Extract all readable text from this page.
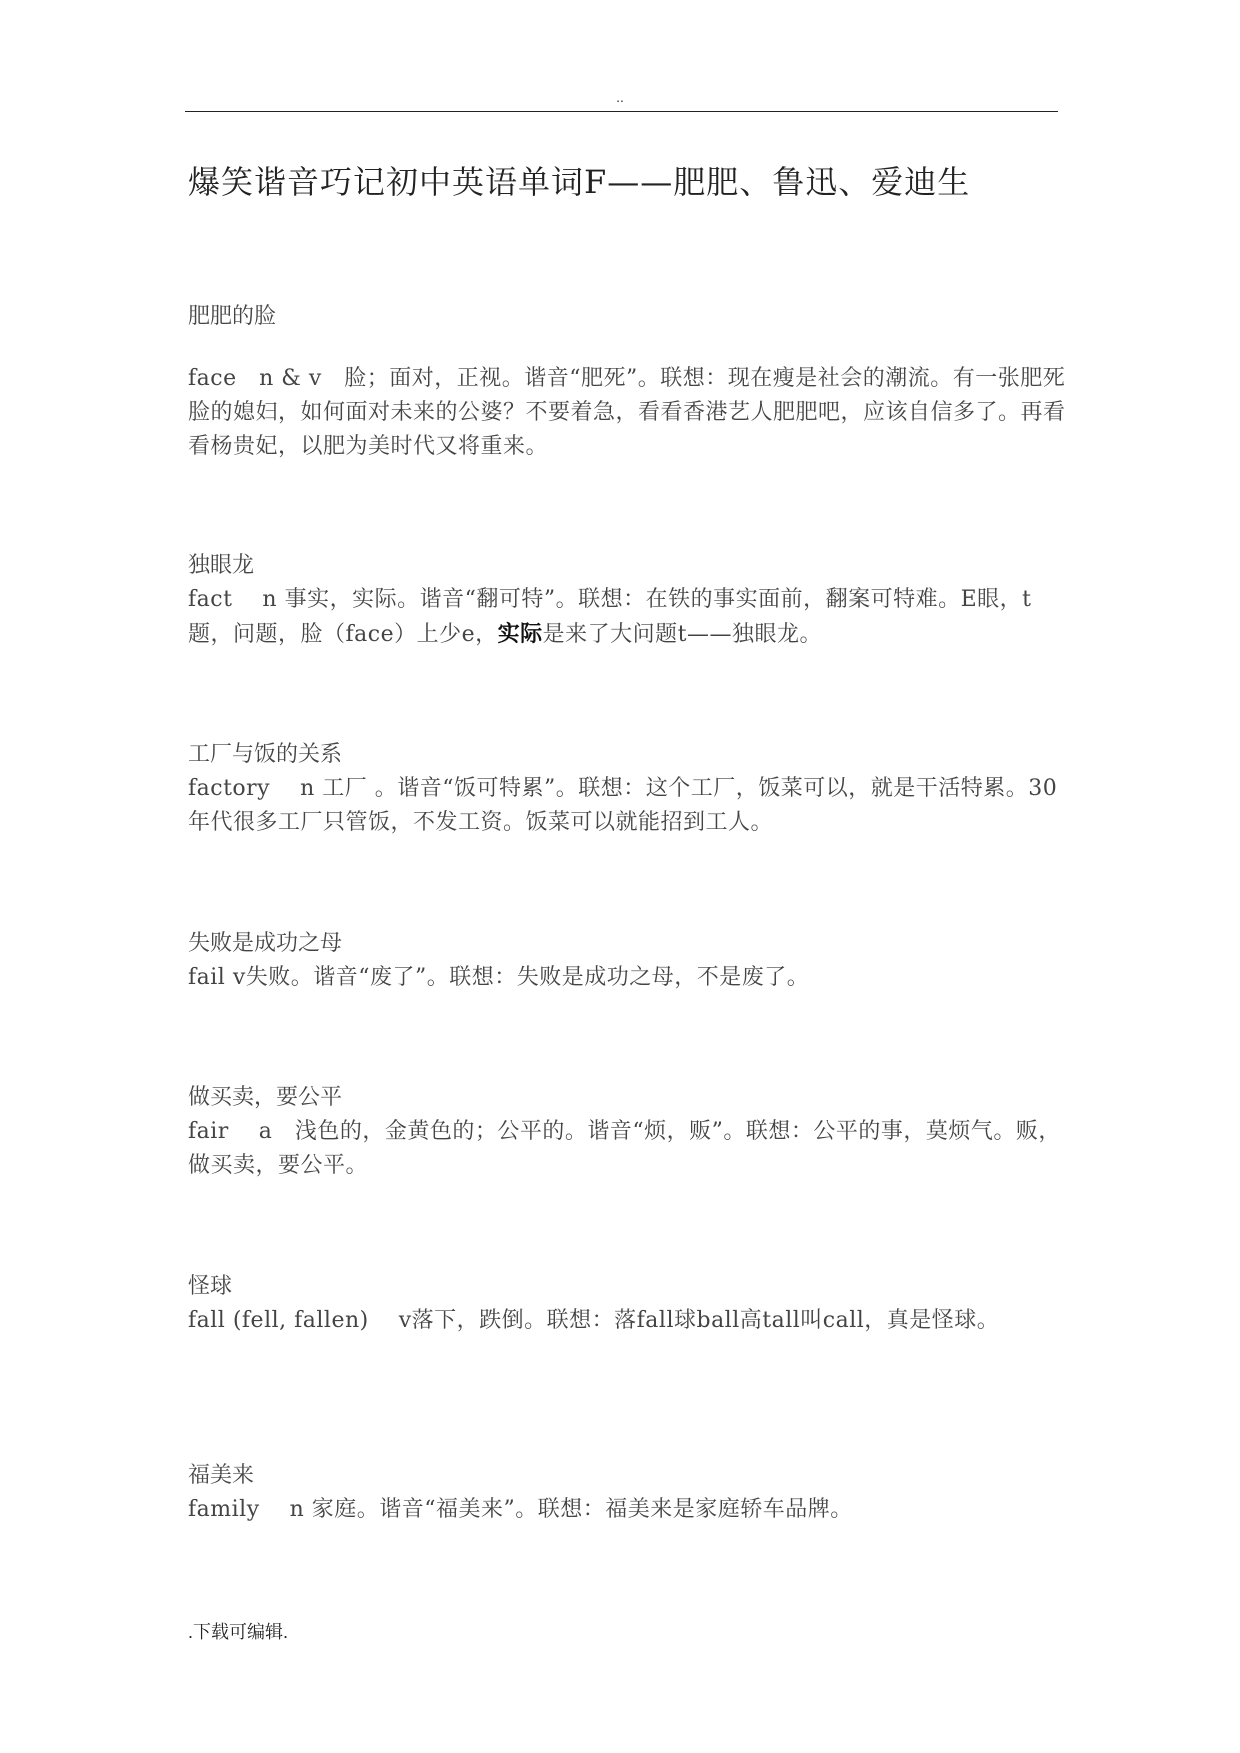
..
爆笑谐音巧记初中英语单词F——肥肥、鲁迅、爱迪生

肥肥的脸

face　n & v　脸；面对，正视。谐音“肥死”。联想：现在瘦是社会的潮流。有一张肥死脸的媳妇，如何面对未来的公婆？不要着急，看看香港艺人肥肥吧，应该自信多了。再看看杨贵妃，以肥为美时代又将重来。

独眼龙

fact　 n 事实，实际。谐音“翻可特”。联想：在铁的事实面前，翻案可特难。E眼，t题，问题，脸（face）上少e，实际是来了大问题t——独眼龙。

工厂与饭的关系

factory　 n 工厂 。谐音“饭可特累”。联想：这个工厂，饭菜可以，就是干活特累。30年代很多工厂只管饭，不发工资。饭菜可以就能招到工人。

失败是成功之母

fail v失败。谐音“废了”。联想：失败是成功之母，不是废了。

做买卖，要公平

fair　 a　浅色的，金黄色的；公平的。谐音“烦，贩”。联想：公平的事，莫烦气。贩，做买卖，要公平。

怪球

fall (fell, fallen)　 v落下，跌倒。联想：落fall球ball高tall叫call，真是怪球。

福美来

family　 n 家庭。谐音“福美来”。联想：福美来是家庭轿车品牌。

.下载可编辑.
